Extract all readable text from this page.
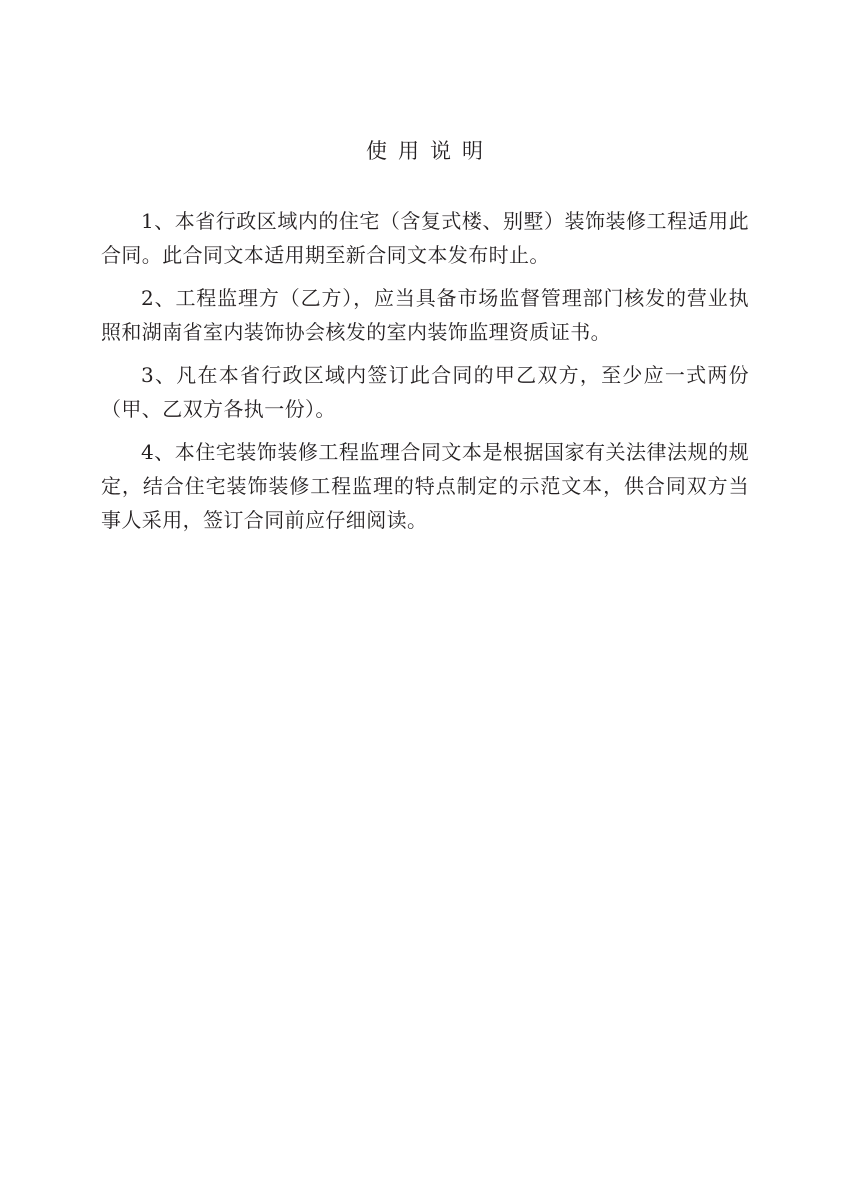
使用说明

1、本省行政区域内的住宅（含复式楼、别墅）装饰装修工程适用此合同。此合同文本适用期至新合同文本发布时止。

2、工程监理方（乙方），应当具备市场监督管理部门核发的营业执照和湖南省室内装饰协会核发的室内装饰监理资质证书。

3、凡在本省行政区域内签订此合同的甲乙双方，至少应一式两份（甲、乙双方各执一份）。

4、本住宅装饰装修工程监理合同文本是根据国家有关法律法规的规定，结合住宅装饰装修工程监理的特点制定的示范文本，供合同双方当事人采用，签订合同前应仔细阅读。
